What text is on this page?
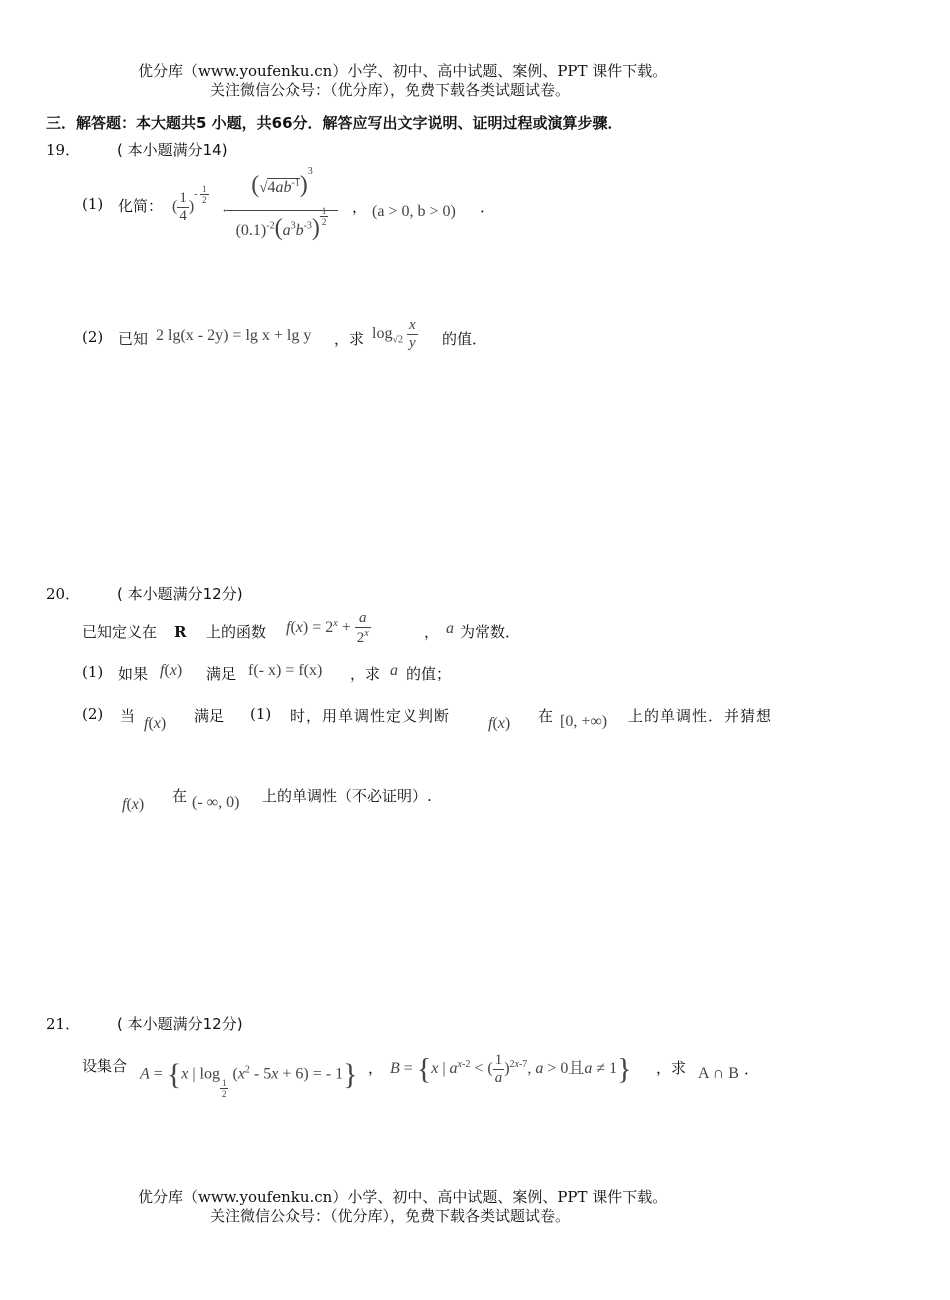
优分库（www.youfenku.cn）小学、初中、高中试题、案例、PPT 课件下载。
关注微信公众号：（优分库），免费下载各类试题试卷。
三．解答题：本大题共5 小题，共66分．解答应写出文字说明、证明过程或演算步骤．
19． ( 本小题满分14)
(1) 化简： ( $\frac{1}{4} )^{- \frac{1}{2}}$
·
$(√4ab^{-1})^3$
$(0.1)^{-2}(a^3b^{-3})$ $^{\frac{1}{2}}$ ， (a > 0, b > 0) ．
(2) 已知 2 lg(x - 2y) = lg x + lg y ，求 $\log_{√2} \frac{x}{y}$ 的值．
20． ( 本小题满分12分)
已知定义在 R 上的函数 $f(x) = 2^x + \frac{a}{2^x}$	， a 为常数．
(1) 如果 f(x) 满足 f(- x) = f(x) ，求 a 的值；
(2) 当 f(x) 满足 (1) 时，用单调性定义判断 f(x) 在 [0, +∞) 上的单调性．并猜想
f(x) 在 (- ∞, 0) 上的单调性（不必证明）.
21． ( 本小题满分12分)
设集合 A = {x | log
$_{\frac{1}{2}}$
$(x^2 - 5x + 6)$ = - 1} ， B = {x | $a^{x-2}$ < ( $\frac{1}{a} )^{2x-7}$, a > 0且a ≠ 1} ，求 A ∩ B ．
优分库（www.youfenku.cn）小学、初中、高中试题、案例、PPT 课件下载。
关注微信公众号：（优分库），免费下载各类试题试卷。
